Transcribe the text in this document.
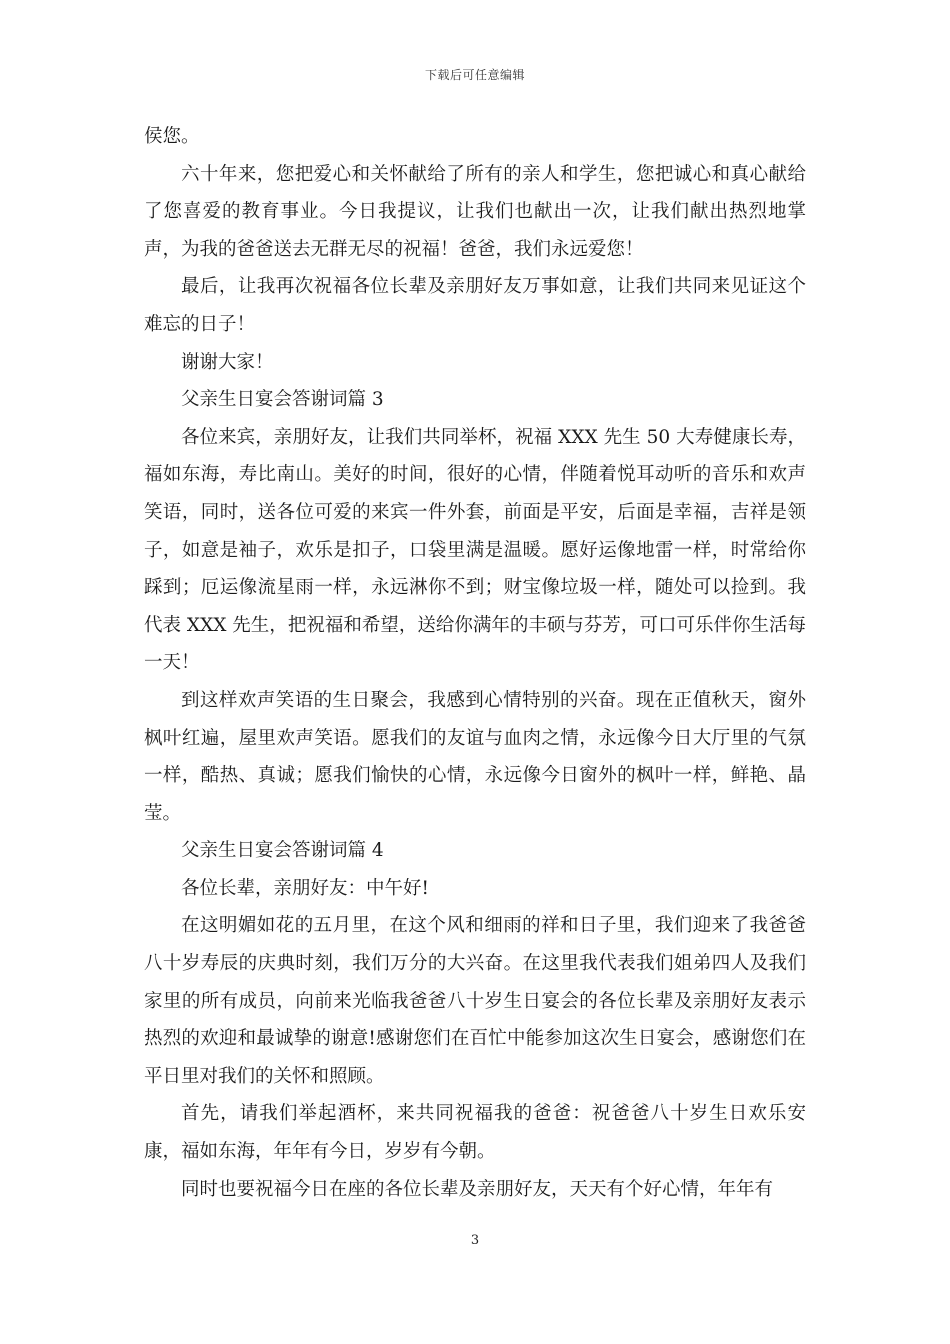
下载后可任意编辑

侯您。

六十年来，您把爱心和关怀献给了所有的亲人和学生，您把诚心和真心献给了您喜爱的教育事业。今日我提议，让我们也献出一次，让我们献出热烈地掌声，为我的爸爸送去无群无尽的祝福！爸爸，我们永远爱您！

最后，让我再次祝福各位长辈及亲朋好友万事如意，让我们共同来见证这个难忘的日子！

谢谢大家！

父亲生日宴会答谢词篇 3

各位来宾，亲朋好友，让我们共同举杯，祝福 XXX 先生 50 大寿健康长寿，福如东海，寿比南山。美好的时间，很好的心情，伴随着悦耳动听的音乐和欢声笑语，同时，送各位可爱的来宾一件外套，前面是平安，后面是幸福，吉祥是领子，如意是袖子，欢乐是扣子，口袋里满是温暖。愿好运像地雷一样，时常给你踩到；厄运像流星雨一样，永远淋你不到；财宝像垃圾一样，随处可以捡到。我代表 XXX 先生，把祝福和希望，送给你满年的丰硕与芬芳，可口可乐伴你生活每一天！

到这样欢声笑语的生日聚会，我感到心情特别的兴奋。现在正值秋天，窗外枫叶红遍，屋里欢声笑语。愿我们的友谊与血肉之情，永远像今日大厅里的气氛一样，酷热、真诚；愿我们愉快的心情，永远像今日窗外的枫叶一样，鲜艳、晶莹。

父亲生日宴会答谢词篇 4

各位长辈，亲朋好友：中午好!

在这明媚如花的五月里，在这个风和细雨的祥和日子里，我们迎来了我爸爸八十岁寿辰的庆典时刻，我们万分的大兴奋。在这里我代表我们姐弟四人及我们家里的所有成员，向前来光临我爸爸八十岁生日宴会的各位长辈及亲朋好友表示热烈的欢迎和最诚挚的谢意!感谢您们在百忙中能参加这次生日宴会，感谢您们在平日里对我们的关怀和照顾。

首先，请我们举起酒杯，来共同祝福我的爸爸：祝爸爸八十岁生日欢乐安康，福如东海，年年有今日，岁岁有今朝。

同时也要祝福今日在座的各位长辈及亲朋好友，天天有个好心情，年年有

3
